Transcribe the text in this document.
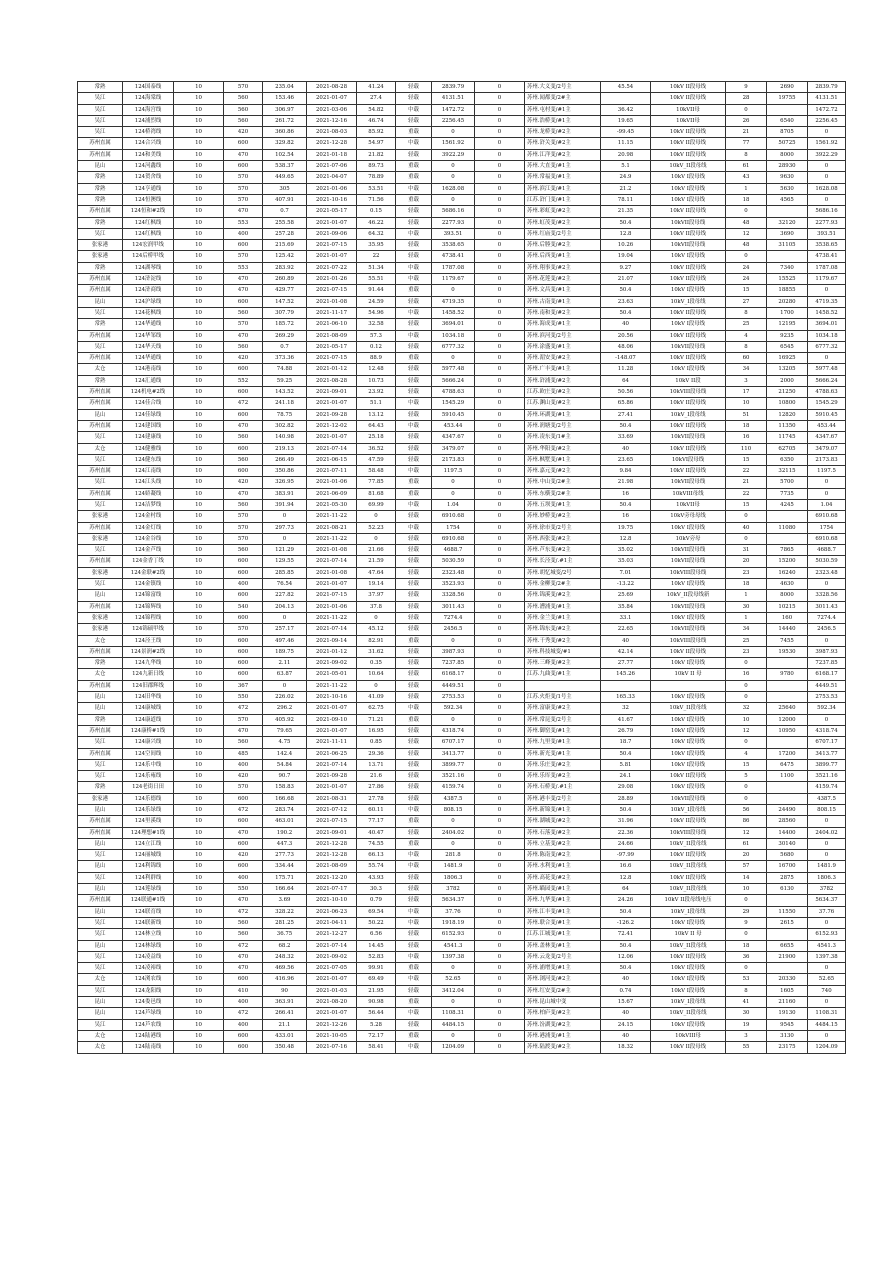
常熟	124国泰线	10	570	235.04	2021-08-28	41.24	轻载	2839.79	0	苏州.大义变/2号主	45.54	10kV II段母线	9	2690	2839.79
吴江	124海棠线	10	560	153.46	2021-01-07	27.4	轻载	4131.51	0	苏州.闻都变/2#主		10kV II段母线	28	19755	4131.51
吴江	124海宫线	10	560	306.97	2021-03-06	54.82	中载	1472.72	0	苏州.屯村变/#1主	36.42	10kVII母	0		1472.72
吴江	124浦烈线	10	560	261.72	2021-12-16	46.74	轻载	2256.45	0	苏州.浩桥变/#1主	19.65	10kVII母	26	6540	2256.45
吴江	124桥湾线	10	420	360.86	2021-08-03	85.92	重载	0	0	苏州.龙桥变/#2主	-99.45	10kV II段母线	21	8705	0
苏州直属	124合兴线	10	600	329.82	2021-12-28	54.97	中载	1561.92	0	苏州.浒关变/#2主	11.15	10kV II段母线	77	50725	1561.92
苏州直属	124和美线	10	470	102.54	2021-01-18	21.82	轻载	3922.29	0	苏州.江洋变/#2主	20.98	10kV II段母线	8	8000	3922.29
昆山	124河鑫线	10	600	538.37	2021-07-06	89.73	重载	0	0	苏州.大直变/#1主	5.1	10kV_II段母线	61	28930	0
常熟	124贺舍线	10	570	449.65	2021-04-07	78.89	重载	0	0	苏州.常福变/#1主	24.9	10kV I段母线	43	9630	0
常熟	124亨通线	10	570	305	2021-01-06	53.51	中载	1628.08	0	苏州.滨江变/#1主	21.2	10kV I段母线	1	5630	1628.08
常熟	124恒澳线	10	570	407.91	2021-10-16	71.56	重载	0	0	江苏.浒门变/#1主	78.11	10kV I段母线	18	4565	0
苏州直属	124恒和#2线	10	470	0.7	2021-05-17	0.15	轻载	5686.16	0	苏州.彩虹变/#2主	21.35	10kV II段母线	0		5686.16
常熟	124红枫线	10	553	255.58	2021-01-07	46.22	轻载	2277.93	0	苏州.虹茂变/#2主	50.4	10kVII段母线	48	32120	2277.93
吴江	124红枫线	10	400	257.28	2021-09-06	64.32	中载	393.51	0	苏州.红庙变/2号主	12.8	10kV II段母线	12	3690	393.51
张家港	124宏润甲线	10	600	215.69	2021-07-15	35.95	轻载	3538.65	0	苏州.后塍变/#2主	10.26	10kVII段母线	48	31105	3538.65
张家港	124后桥甲线	10	570	125.42	2021-01-07	22	轻载	4738.41	0	苏州.后西变/#1主	19.04	10kV I段母线	0		4738.41
常熟	124湖琴线	10	553	283.92	2021-07-22	51.34	中载	1787.08	0	苏州.翔事变/#2主	9.27	10kV II段母线	24	7340	1787.08
苏州直属	124浒淀线	10	470	260.89	2021-01-26	55.51	中载	1179.67	0	苏州.花莲变/#2主	21.07	10kV II段母线	24	15525	1179.67
苏州直属	124浒商线	10	470	429.77	2021-07-15	91.44	重载	0	0	苏州.文昌变/#1主	50.4	10kV I段母线	15	18855	0
昆山	124沪绿线	10	600	147.52	2021-01-08	24.59	轻载	4719.35	0	苏州.古南变/#1主	23.63	10kV_I段母线	27	20280	4719.35
吴江	124花枫线	10	560	307.79	2021-11-17	54.96	中载	1458.52	0	苏州.南和变/#2主	50.4	10kV II段母线	8	1700	1458.52
常熟	124华通线	10	570	185.72	2021-06-10	32.58	轻载	3694.01	0	苏州.海成变/#1主	40	10kV I段母线	25	12195	3694.01
苏州直属	124华邹线	10	470	269.29	2021-08-09	57.3	中载	1034.18	0	苏州.滨河变/2号主	20.56	10kV II段母线	4	9235	1034.18
吴江	124华天线	10	560	0.7	2021-05-17	0.12	轻载	6777.32	0	苏州.涂盛变/#1主	48.06	10kVII段母线	8	6545	6777.32
苏州直属	124华通线	10	420	373.36	2021-07-15	88.9	重载	0	0	苏州.湄安变/#2主	-148.07	10kV II段母线	60	16925	0
太仓	124港南线	10	600	74.88	2021-01-12	12.48	轻载	5977.48	0	苏州.广丰变/#1主	11.28	10kV I段母线	34	13205	5977.48
常熟	124汇通线	10	552	59.25	2021-08-28	10.73	轻载	5666.24	0	苏州.浒浦变/#2主	64	10kV II段	3	2000	5666.24
苏州直属	124机电#2线	10	600	143.52	2021-09-01	23.92	轻载	4788.63	0	江苏.欧庄变/#2主	50.56	10kVIII段母线	17	21250	4788.63
苏州直属	124佳合线	10	472	241.18	2021-01-07	51.1	中载	1545.29	0	江苏.渊山变/#2主	65.86	10kV II段母线	10	10800	1545.29
昆山	124佳绿线	10	600	78.75	2021-09-28	13.12	轻载	5910.45	0	苏州.环湖变/#1主	27.41	10kV_I段母线	51	12820	5910.45
苏州直属	124建国线	10	470	302.82	2021-12-02	64.43	中载	453.44	0	苏州.润塘变/2号主	50.4	10kV II段母线	18	11350	453.44
吴江	124建康线	10	560	140.98	2021-01-07	25.18	轻载	4347.67	0	苏州.凌东变/1#主	33.69	10kVII段母线	16	11745	4347.67
太仓	124健雅线	10	600	219.13	2021-07-14	36.52	轻载	3479.07	0	苏州.华阳变/#2主	40	10kV II段母线	110	62705	3479.07
吴江	124健东线	10	560	266.49	2021-06-15	47.59	轻载	2173.83	0	苏州.枫墅变/#1主	23.65	10kVI段母线	15	6350	2173.83
苏州直属	124江南线	10	600	350.86	2021-07-11	58.48	中载	1197.5	0	苏州.嘉元变/#2主	9.84	10kV II段母线	22	32115	1197.5
吴江	124江头线	10	420	326.95	2021-01-06	77.85	重载	0	0	苏州.中山变/2#主	21.98	10kVII段母线	21	5700	0
苏州直属	124娇凝线	10	470	383.91	2021-06-09	81.68	重载	0	0	苏州.东横变/2#主	16	10kVIII母线	22	7735	0
吴江	124洁梦线	10	560	391.94	2021-05-30	69.99	中载	1.04	0	苏州.五坝变/#1主	50.4	10kVII母	15	4245	1.04
张家港	124金村线	10	570	0	2021-11-22	0	轻载	6910.68	0	苏州.妙桥变/#2主	16	10kV旁母母线	0		6910.68
苏州直属	124金灯线	10	570	297.73	2021-08-21	52.23	中载	1754	0	苏州.徐市变/2号主	19.75	10kV I段母线	40	11080	1754
张家港	124金谷线	10	570	0	2021-11-22	0	轻载	6910.68	0	苏州.西张变/#2主	12.8	10kV旁母	0		6910.68
吴江	124金芦线	10	560	121.29	2021-01-08	21.66	轻载	4688.7	0	苏州.芦东变/#2主	35.02	10kVII段母线	31	7865	4688.7
苏州直属	124金香丁线	10	600	129.55	2021-07-14	21.59	轻载	5030.59	0	苏州.长泾变/.#1主	35.03	10kVII段母线	20	15200	5030.59
张家港	124金联#2线	10	600	285.85	2021-01-08	47.64	轻载	2323.48	0	苏州.胡忆城变/2号	7.01	10kVIII段母线	23	16240	2323.48
吴江	124金镇线	10	400	76.54	2021-01-07	19.14	轻载	3523.93	0	苏州.金柳变/2#主	-13.22	10kV I段母线	18	4630	0
昆山	124锦富线	10	600	227.82	2021-07-15	37.97	轻载	3328.56	0	苏州.锦溪变/#2主	25.69	10kV_II段母线新	1	8000	3328.56
苏州直属	124锦辉线	10	540	204.13	2021-01-06	37.8	轻载	3011.43	0	苏州.漕浦变/#1主	35.84	10kVII段母线	30	10215	3011.43
张家港	124锦程线	10	600	0	2021-11-22	0	轻载	7274.4	0	苏州.金兰变/#1主	33.1	10kV I段母线	1	160	7274.4
张家港	124锦硕甲线	10	570	257.17	2021-07-14	45.12	轻载	2456.5	0	苏州.锦东变/#2主	22.65	10kVII段母线	34	14440	2456.5
太仓	124泾王线	10	600	497.46	2021-09-14	82.91	重载	0	0	苏州.干秀变/#2主	40	10kVIII段母线	25	7455	0
苏州直属	124景润#2线	10	600	189.75	2021-01-12	31.62	轻载	3987.93	0	苏州.科技城变/#1	42.14	10kV II段母线	23	19530	3987.93
常熟	124九华线	10	600	2.11	2021-09-02	0.35	轻载	7237.85	0	苏州.三峰变/#2主	27.77	10kV I段母线	0		7237.85
太仓	124九新日线	10	600	63.87	2021-05-01	10.64	轻载	6168.17	0	江苏.九曲变/#1主	145.26	10kV II 母	16	9780	6168.17
苏州直属	124旧郡辉线	10	367	0	2021-11-22	0	轻载	4449.51	0				0		4449.51
昆山	124旧华线	10	550	226.02	2021-10-16	41.09	轻载	2753.53	0	江苏.火炬变/1号主	165.33	10kV I段母线	0		2753.53
昆山	124康城线	10	472	296.2	2021-01-07	62.75	中载	592.34	0	苏州.富康变/#2主	32	10kV_II段母线	32	25640	592.34
常熟	124康道线	10	570	405.92	2021-09-10	71.21	重载	0	0	苏州.常昆变/2号主	41.67	10kV I段母线	10	12000	0
苏州直属	124康桥#1线	10	470	79.65	2021-01-07	16.95	轻载	4318.74	0	苏州.御窑变/#1主	26.79	10kV I段母线	12	10950	4318.74
吴江	124康兴线	10	560	4.75	2021-11-11	0.85	轻载	6707.17	0	苏州.九里变/#1主	18.7	10kV I段母线	0		6707.17
苏州直属	124空间线	10	485	142.4	2021-06-25	29.36	轻载	3413.77	0	苏州.新光变/#1主	50.4	10kV I段母线	4	17200	3413.77
吴江	124乐中线	10	400	54.84	2021-07-14	13.71	轻载	3899.77	0	苏州.乐庄变/#2主	5.81	10kV I段母线	15	6475	3899.77
吴江	124乐雍线	10	420	90.7	2021-09-28	21.6	轻载	3521.16	0	苏州.乐厍变/#2主	24.1	10kV II段母线	5	1100	3521.16
常熟	124老街日田	10	570	158.83	2021-01-07	27.86	轻载	4159.74	0	苏州.石桥变/.#1主	29.08	10kV I段母线	0		4159.74
张家港	124乐德线	10	600	166.68	2021-08-31	27.78	轻载	4387.5	0	苏州.港丰变/2号主	28.89	10kVII段母线	0		4387.5
昆山	124乐绿线	10	472	283.74	2021-07-12	60.11	中载	808.15	0	苏州.新锦变/#1主	50.4	10kV_I段母线	56	24490	808.15
苏州直属	124里溪线	10	600	463.01	2021-07-15	77.17	重载	0	0	苏州.湖城变/#2主	31.96	10kV II段母线	86	28560	0
苏州直属	124理想#1线	10	470	190.2	2021-09-01	40.47	轻载	2404.02	0	苏州.石落变/#2主	22.36	10kVIII段母线	12	14400	2404.02
昆山	124立江线	10	600	447.3	2021-12-28	74.55	重载	0	0	苏州.立基变/#2主	24.66	10kV_II段母线	61	30140	0
吴江	124丽城线	10	420	277.73	2021-12-28	66.13	中载	281.8	0	苏州.陈南变/#2主	-97.99	10kV II段母线	20	5680	0
昆山	124利锦线	10	600	334.44	2021-08-09	55.74	中载	1481.9	0	苏州.水利变/#1主	16.6	10kV_II段母线	57	16700	1481.9
吴江	124利群线	10	400	175.71	2021-12-20	43.93	轻载	1806.3	0	苏州.高花变/#2主	12.8	10kV II段母线	14	2875	1806.3
昆山	124莲绿线	10	550	166.64	2021-07-17	30.3	轻载	3782	0	苏州.瞄园变/#1主	64	10kV_II段母线	10	6130	3782
苏州直属	124联通#1线	10	470	3.69	2021-10-10	0.79	轻载	5634.37	0	苏州.九华变/#1主	24.26	10kV II段母线电压	0		5634.37
昆山	124联育线	10	472	328.22	2021-06-23	69.54	中载	37.76	0	苏州.江丰变/#1主	50.4	10kV_I段母线	29	11550	37.76
吴江	124联新线	10	560	281.25	2021-04-11	50.22	中载	1918.19	0	苏州.联合变/#1主	-126.2	10kV I段母线	9	2615	0
吴江	124林立线	10	560	36.75	2021-12-27	6.56	轻载	6152.93	0	江苏.江城变/#1主	72.41	10kV II 母	0		6152.93
昆山	124林绿线	10	472	68.2	2021-07-14	14.45	轻载	4541.3	0	苏州.盖林变/#1主	50.4	10kV_II段母线	18	6655	4541.3
吴江	124凌益线	10	470	248.32	2021-09-02	52.83	中载	1397.38	0	苏州.云龙变/2号主	12.06	10kV II段母线	36	21900	1397.38
吴江	124凌裕线	10	470	469.56	2021-07-05	99.91	重载	0	0	苏州.浦增变/#1主	50.4	10kV I段母线	0		0
太仓	124浏农线	10	600	416.96	2021-01-07	69.49	中载	52.65	0	苏州.浏河变/#2主	40	10kV I段母线	53	20330	52.65
吴江	124龙阳线	10	410	90	2021-01-03	21.95	轻载	3412.04	0	苏州.红安变/2#主	0.74	10kV I段母线	8	1605	740
昆山	124娄邑线	10	400	363.91	2021-08-20	90.98	重载	0	0	苏州.昆山城中变	15.67	10kV_I段母线	41	21160	0
昆山	124芦绿线	10	472	266.41	2021-01-07	56.44	中载	1108.31	0	苏州.柏庐变/#2主	40	10kV_II段母线	30	19130	1108.31
吴江	124芦农线	10	400	21.1	2021-12-26	5.28	轻载	4484.15	0	苏州.汾湖变/#2主	24.15	10kV I段母线	19	9545	4484.15
太仓	124陆港线	10	600	433.01	2021-10-05	72.17	重载	0	0	苏州.港浦变/#1主	40	10kVIII母	3	3130	0
太仓	124陆南线	10	600	350.48	2021-07-16	58.41	中载	1204.09	0	苏州.陆渡变/#2主	18.32	10kV II段母线	55	23175	1204.09
